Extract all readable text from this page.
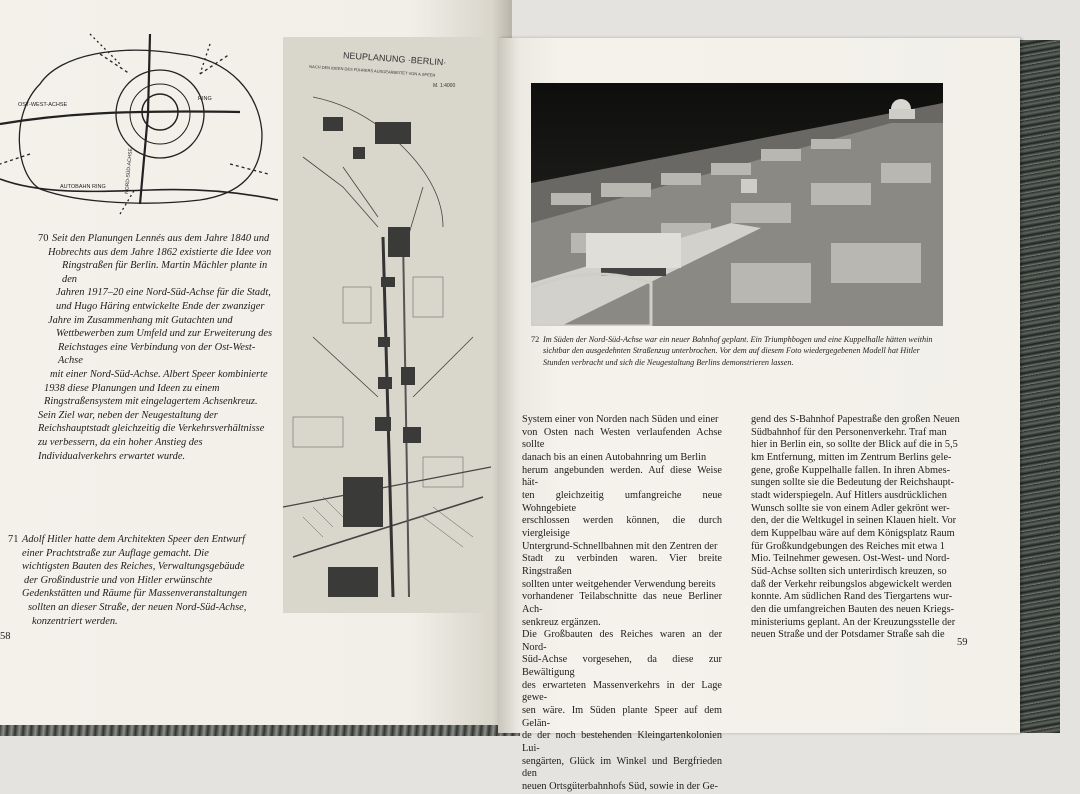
OST-WEST-ACHSE
RING
NORD-SÜD-ACHSE
AUTOBAHN RING
70 Seit den Planungen Lennés aus dem Jahre 1840 und
Hobrechts aus dem Jahre 1862 existierte die Idee von
Ringstraßen für Berlin. Martin Mächler plante in den
Jahren 1917–20 eine Nord-Süd-Achse für die Stadt,
und Hugo Häring entwickelte Ende der zwanziger
Jahre im Zusammenhang mit Gutachten und
Wettbewerben zum Umfeld und zur Erweiterung des
Reichstages eine Verbindung von der Ost-West-Achse
mit einer Nord-Süd-Achse. Albert Speer kombinierte
1938 diese Planungen und Ideen zu einem
Ringstraßensystem mit eingelagertem Achsenkreuz.
Sein Ziel war, neben der Neugestaltung der
Reichshauptstadt gleichzeitig die Verkehrsverhältnisse
zu verbessern, da ein hoher Anstieg des
Individualverkehrs erwartet wurde.
71 Adolf Hitler hatte dem Architekten Speer den Entwurf
einer Prachtstraße zur Auflage gemacht. Die
wichtigsten Bauten des Reiches, Verwaltungsgebäude
der Großindustrie und von Hitler erwünschte
Gedenkstätten und Räume für Massenveranstaltungen
sollten an dieser Straße, der neuen Nord-Süd-Achse,
konzentriert werden.
58
NEUPLANUNG ·BERLIN·
NACH DEN IDEEN DES FÜHRERS AUSGEARBEITET VON A.SPEER
M. 1:4000
72 Im Süden der Nord-Süd-Achse war ein neuer Bahnhof geplant. Ein Triumphbogen und eine Kuppelhalle hätten weithin
sichtbar den ausgedehnten Straßenzug unterbrochen. Vor dem auf diesem Foto wiedergegebenen Modell hat Hitler
Stunden verbracht und sich die Neugestaltung Berlins demonstrieren lassen.
System einer von Norden nach Süden und einer
von Osten nach Westen verlaufenden Achse sollte
danach bis an einen Autobahnring um Berlin
herum angebunden werden. Auf diese Weise hät-
ten gleichzeitig umfangreiche neue Wohngebiete
erschlossen werden können, die durch viergleisige
Untergrund-Schnellbahnen mit den Zentren der
Stadt zu verbinden waren. Vier breite Ringstraßen
sollten unter weitgehender Verwendung bereits
vorhandener Teilabschnitte das neue Berliner Ach-
senkreuz ergänzen.
Die Großbauten des Reiches waren an der Nord-
Süd-Achse vorgesehen, da diese zur Bewältigung
des erwarteten Massenverkehrs in der Lage gewe-
sen wäre. Im Süden plante Speer auf dem Gelän-
de der noch bestehenden Kleingartenkolonien Lui-
sengärten, Glück im Winkel und Bergfrieden den
neuen Ortsgüterbahnhofs Süd, sowie in der Ge-
gend des S-Bahnhof Papestraße den großen Neuen
Südbahnhof für den Personenverkehr. Traf man
hier in Berlin ein, so sollte der Blick auf die in 5,5
km Entfernung, mitten im Zentrum Berlins gele-
gene, große Kuppelhalle fallen. In ihren Abmes-
sungen sollte sie die Bedeutung der Reichshaupt-
stadt widerspiegeln. Auf Hitlers ausdrücklichen
Wunsch sollte sie von einem Adler gekrönt wer-
den, der die Weltkugel in seinen Klauen hielt. Vor
dem Kuppelbau wäre auf dem Königsplatz Raum
für Großkundgebungen des Reiches mit etwa 1
Mio. Teilnehmer gewesen. Ost-West- und Nord-
Süd-Achse sollten sich unterirdisch kreuzen, so
daß der Verkehr reibungslos abgewickelt werden
konnte. Am südlichen Rand des Tiergartens wur-
den die umfangreichen Bauten des neuen Kriegs-
ministeriums geplant. An der Kreuzungsstelle der
neuen Straße und der Potsdamer Straße sah die
59
